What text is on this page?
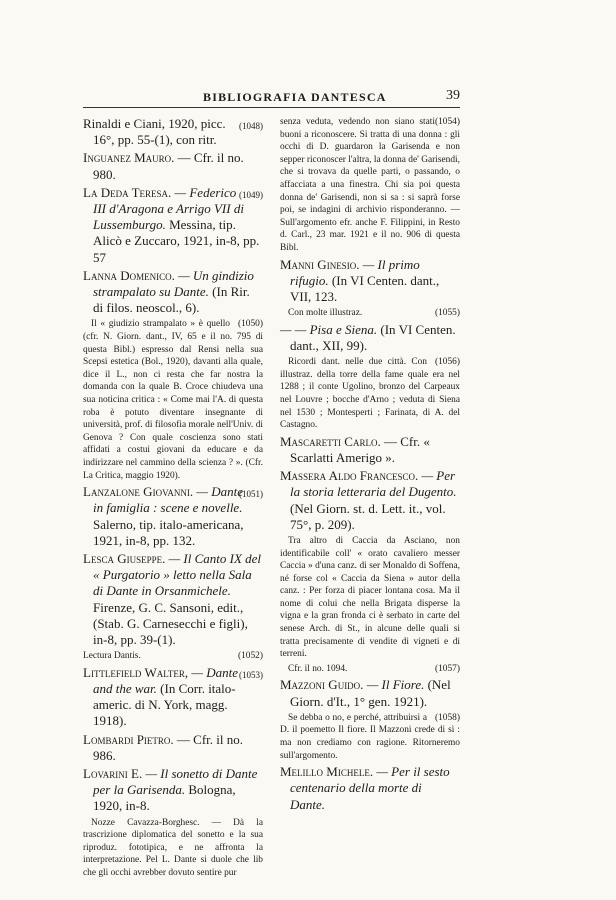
BIBLIOGRAFIA DANTESCA	39
(1048)
Rinaldi e Ciani, 1920, picc. 16°, pp. 55-(1), con ritr.
Inguanez Mauro. — Cfr. il no. 980.
(1049)
La Deda Teresa. — Federico III d'Aragona e Arrigo VII di Lussemburgo. Messina, tip. Alicò e Zuccaro, 1921, in-8, pp. 57
Lanna Domenico. — Un gindizio strampalato su Dante. (In Rir. di filos. neoscol., 6).
(1050)
Il « giudizio strampalato » è quello (cfr. N. Giorn. dant., IV, 65 e il no. 795 di questa Bibl.) espresso dal Rensi nella sua Scepsi estetica (Bol., 1920), davanti alla quale, dice il L., non ci resta che far nostra la domanda con la quale B. Croce chiudeva una sua noticina critica : « Come mai l'A. di questa roba è potuto diventare insegnante di università, prof. di filosofia morale nell'Univ. di Genova ? Con quale coscienza sono stati affidati a costui giovani da educare e da indirizzare nel cammino della scienza ? ». (Cfr. La Critica, maggio 1920).
(1051)
Lanzalone Giovanni. — Dante in famiglia : scene e novelle. Salerno, tip. italo-americana, 1921, in-8, pp. 132.
Lesca Giuseppe. — Il Canto IX del « Purgatorio » letto nella Sala di Dante in Orsanmichele. Firenze, G. C. Sansoni, edit., (Stab. G. Carnesecchi e figli), in-8, pp. 39-(1).
(1052)
Lectura Dantis.
(1053)
Littlefield Walter, — Dante and the war. (In Corr. italo-americ. di N. York, magg. 1918).
Lombardi Pietro. — Cfr. il no. 986.
Lovarini E. — Il sonetto di Dante per la Garisenda. Bologna, 1920, in-8.
Nozze Cavazza-Borghesc. — Dà la trascrizione diplomatica del sonetto e la sua riproduz. fototipica, e ne affronta la interpretazione. Pel L. Dante si duole che lib che gli occhi avrebber dovuto sentire pur
(1054)
senza veduta, vedendo non siano stati buoni a riconoscere. Si tratta di una donna : gli occhi di D. guardaron la Garisenda e non sepper riconoscer l'altra, la donna de' Garisendi, che si trovava da quelle parti, o passando, o affacciata a una finestra. Chi sia poi questa donna de' Garisendi, non si sa : si saprà forse poi, se indagini di archivio risponderanno. — Sull'argomento efr. anche F. Filippini, in Resto d. Carl., 23 mar. 1921 e il no. 906 di questa Bibl.
Manni Ginesio. — Il primo rifugio. (In VI Centen. dant., VII, 123.
(1055)
Con molte illustraz.
— — Pisa e Siena. (In VI Centen. dant., XII, 99).
(1056)
Ricordi dant. nelle due città. Con illustraz. della torre della fame quale era nel 1288 ; il conte Ugolino, bronzo del Carpeaux nel Louvre ; bocche d'Arno ; veduta di Siena nel 1530 ; Montesperti ; Farinata, di A. del Castagno.
Mascaretti Carlo. — Cfr. « Scarlatti Amerigo ».
Massera Aldo Francesco. — Per la storia letteraria del Dugento. (Nel Giorn. st. d. Lett. it., vol. 75°, p. 209).
Tra altro di Caccia da Asciano, non identificabile coll' « orato cavaliero messer Caccia » d'una canz. di ser Monaldo di Soffena, né forse col « Caccia da Siena » autor della canz. : Per forza di piacer lontana cosa. Ma il nome di colui che nella Brigata disperse la vigna e la gran fronda ci è serbato in carte del senese Arch. di St., in alcune delle quali si tratta precisamente di vendite di vigneti e di terreni.
(1057)
Cfr. il no. 1094.
Mazzoni Guido. — Il Fiore. (Nel Giorn. d'It., 1° gen. 1921).
(1058)
Se debba o no, e perché, attribuirsi a D. il poemetto Il fiore. Il Mazzoni crede di sì : ma non crediamo con ragione. Ritorneremo sull'argomento.
Melillo Michele. — Per il sesto centenario della morte di Dante.
